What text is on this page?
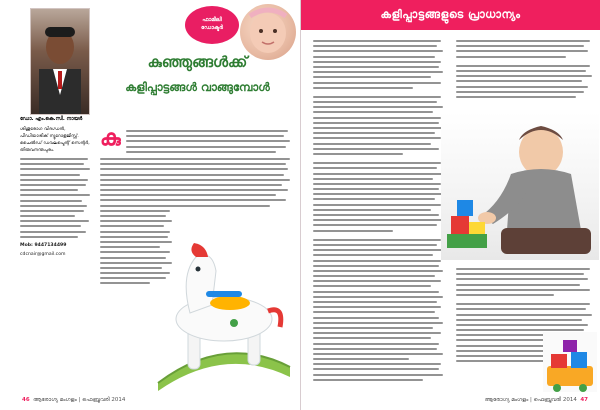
ഫാമിലി
ഡോക്ടർ
കുഞ്ഞുങ്ങൾക്ക്
കളിപ്പാട്ടങ്ങൾ വാങ്ങുമ്പോൾ
ഡോ. എം.കെ.സി. നായർ
ശിശുരോഗ വിദഗ്ധൻ, പീഡിയാട്രിക് ന്യൂറോളജിസ്റ്റ്. ചൈൽഡ് ഡവലപ്മെന്റ് സെന്റർ, തിരുവനന്തപുരം.
Mob: 9447134499
cdcnair@gmail.com
കു
46 ആരോഗ്യ മംഗളം | ഫെബ്രുവരി 2014
കളിപ്പാട്ടങ്ങളുടെ പ്രാധാന്യം
ആരോഗ്യ മംഗളം | ഫെബ്രുവരി 2014 47
